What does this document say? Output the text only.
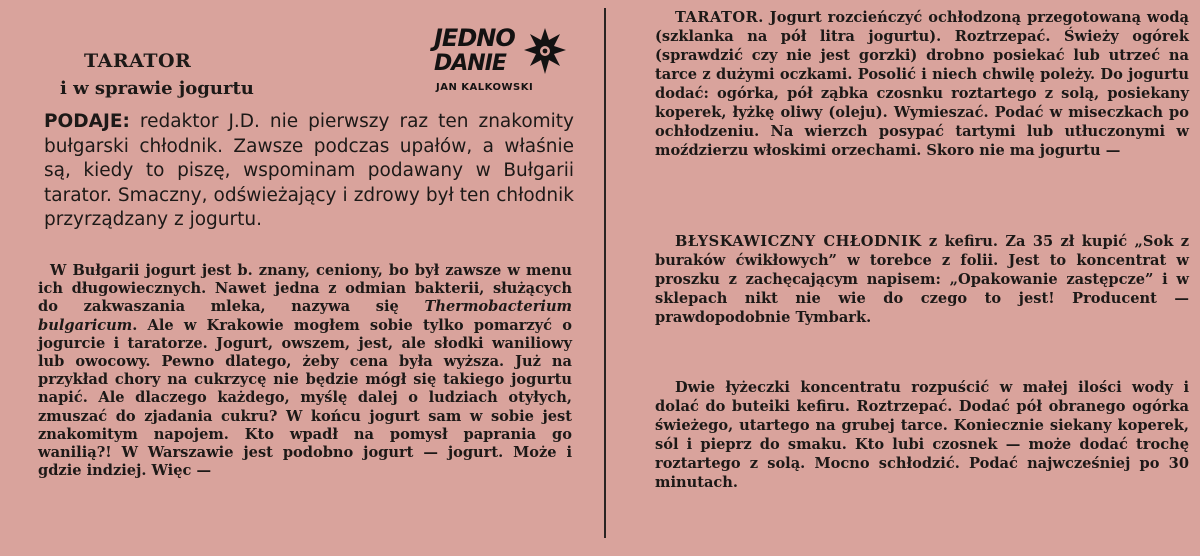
TARATOR
i w sprawie jogurtu
JEDNO
DANIE
JAN KALKOWSKI

PODAJE: redaktor J.D. nie pierwszy raz ten znakomity bułgarski chłodnik. Zawsze podczas upałów, a właśnie są, kiedy to piszę, wspominam podawany w Bułgarii tarator. Smaczny, odświeżający i zdrowy był ten chłodnik przyrządzany z jogurtu.

W Bułgarii jogurt jest b. znany, ceniony, bo był zawsze w menu ich długowiecznych. Nawet jedna z odmian bakterii, służących do zakwaszania mleka, nazywa się Thermobacterium bulgaricum. Ale w Krakowie mogłem sobie tylko pomarzyć o jogurcie i taratorze. Jogurt, owszem, jest, ale słodki waniliowy lub owocowy. Pewno dlatego, żeby cena była wyższa. Już na przykład chory na cukrzycę nie będzie mógł się takiego jogurtu napić. Ale dlaczego każdego, myślę dalej o ludziach otyłych, zmuszać do zjadania cukru? W końcu jogurt sam w sobie jest znakomitym napojem. Kto wpadł na pomysł paprania go wanilią?! W Warszawie jest podobno jogurt — jogurt. Może i gdzie indziej. Więc —

TARATOR. Jogurt rozcieńczyć ochłodzoną przegotowaną wodą (szklanka na pół litra jogurtu). Roztrzepać. Świeży ogórek (sprawdzić czy nie jest gorzki) drobno posiekać lub utrzeć na tarce z dużymi oczkami. Posolić i niech chwilę poleży. Do jogurtu dodać: ogórka, pół ząbka czosnku roztartego z solą, posiekany koperek, łyżkę oliwy (oleju). Wymieszać. Podać w miseczkach po ochłodzeniu. Na wierzch posypać tartymi lub utłuczonymi w moździerzu włoskimi orzechami. Skoro nie ma jogurtu —

BŁYSKAWICZNY CHŁODNIK z kefiru. Za 35 zł kupić „Sok z buraków ćwikłowych” w torebce z folii. Jest to koncentrat w proszku z zachęcającym napisem: „Opakowanie zastępcze” i w sklepach nikt nie wie do czego to jest! Producent — prawdopodobnie Tymbark.

Dwie łyżeczki koncentratu rozpuścić w małej ilości wody i dolać do buteiki kefiru. Roztrzepać. Dodać pół obranego ogórka świeżego, utartego na grubej tarce. Koniecznie siekany koperek, sól i pieprz do smaku. Kto lubi czosnek — może dodać trochę roztartego z solą. Mocno schłodzić. Podać najwcześniej po 30 minutach.
